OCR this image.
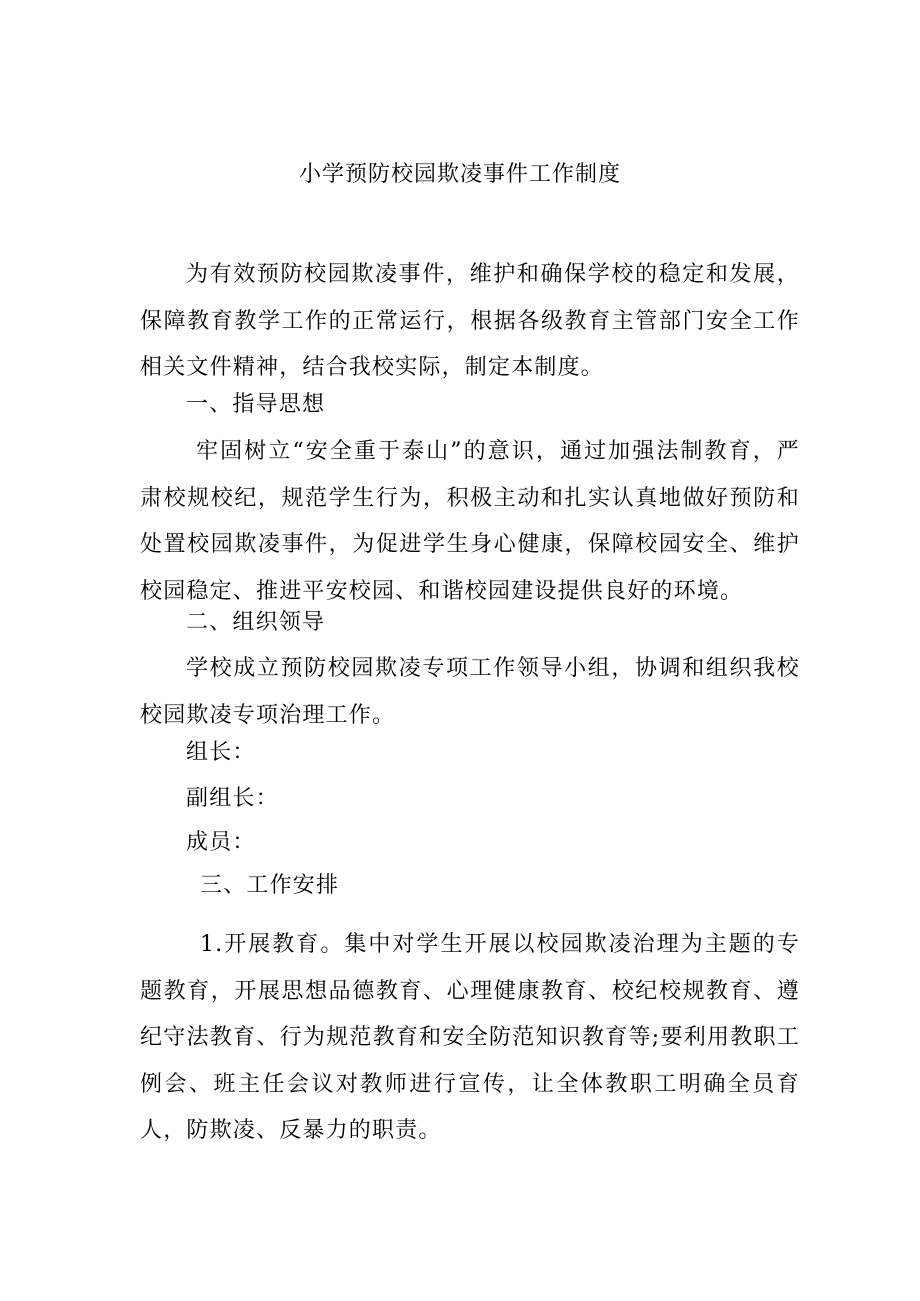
小学预防校园欺凌事件工作制度

为有效预防校园欺凌事件，维护和确保学校的稳定和发展，保障教育教学工作的正常运行，根据各级教育主管部门安全工作相关文件精神，结合我校实际，制定本制度。

一、指导思想

牢固树立“安全重于泰山”的意识，通过加强法制教育，严肃校规校纪，规范学生行为，积极主动和扎实认真地做好预防和处置校园欺凌事件，为促进学生身心健康，保障校园安全、维护校园稳定、推进平安校园、和谐校园建设提供良好的环境。

二、组织领导

学校成立预防校园欺凌专项工作领导小组，协调和组织我校校园欺凌专项治理工作。

组长：

副组长：

成员：

三、工作安排

1.开展教育。集中对学生开展以校园欺凌治理为主题的专题教育，开展思想品德教育、心理健康教育、校纪校规教育、遵纪守法教育、行为规范教育和安全防范知识教育等;要利用教职工例会、班主任会议对教师进行宣传，让全体教职工明确全员育人，防欺凌、反暴力的职责。
